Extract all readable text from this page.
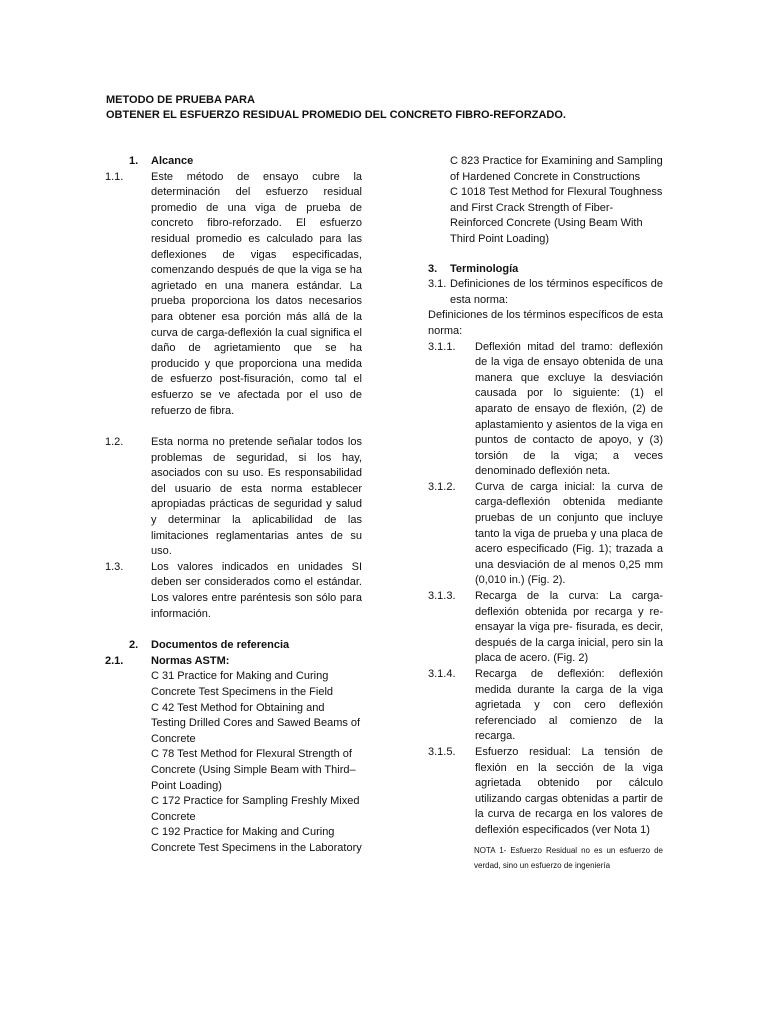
METODO DE PRUEBA PARA
OBTENER EL ESFUERZO RESIDUAL PROMEDIO DEL CONCRETO FIBRO-REFORZADO.
1. Alcance
1.1.	Este método de ensayo cubre la determinación del esfuerzo residual promedio de una viga de prueba de concreto fibro-reforzado. El esfuerzo residual promedio es calculado para las deflexiones de vigas especificadas, comenzando después de que la viga se ha agrietado en una manera estándar. La prueba proporciona los datos necesarios para obtener esa porción más allá de la curva de carga-deflexión la cual significa el daño de agrietamiento que se ha producido y que proporciona una medida de esfuerzo post-fisuración, como tal el esfuerzo se ve afectada por el uso de refuerzo de fibra.
1.2.	Esta norma no pretende señalar todos los problemas de seguridad, si los hay, asociados con su uso. Es responsabilidad del usuario de esta norma establecer apropiadas prácticas de seguridad y salud y determinar la aplicabilidad de las limitaciones reglamentarias antes de su uso.
1.3.	Los valores indicados en unidades SI deben ser considerados como el estándar. Los valores entre paréntesis son sólo para información.
2. Documentos de referencia
2.1.	Normas ASTM:
C 31 Practice for Making and Curing Concrete Test Specimens in the Field
C 42 Test Method for Obtaining and Testing Drilled Cores and Sawed Beams of Concrete
C 78 Test Method for Flexural Strength of Concrete (Using Simple Beam with Third–Point Loading)
C 172 Practice for Sampling Freshly Mixed Concrete
C 192 Practice for Making and Curing Concrete Test Specimens in the Laboratory
C 823 Practice for Examining and Sampling of Hardened Concrete in Constructions
C 1018 Test Method for Flexural Toughness and First Crack Strength of Fiber-Reinforced Concrete (Using Beam With Third Point Loading)
3. Terminología
3.1. Definiciones de los términos específicos de esta norma:
Definiciones de los términos específicos de esta norma:
3.1.1. Deflexión mitad del tramo: deflexión de la viga de ensayo obtenida de una manera que excluye la desviación causada por lo siguiente: (1) el aparato de ensayo de flexión, (2) de aplastamiento y asientos de la viga en puntos de contacto de apoyo, y (3) torsión de la viga; a veces denominado deflexión neta.
3.1.2. Curva de carga inicial: la curva de carga-deflexión obtenida mediante pruebas de un conjunto que incluye tanto la viga de prueba y una placa de acero especificado (Fig. 1); trazada a una desviación de al menos 0,25 mm (0,010 in.) (Fig. 2).
3.1.3. Recarga de la curva: La carga-deflexión obtenida por recarga y re-ensayar la viga pre- fisurada, es decir, después de la carga inicial, pero sin la placa de acero. (Fig. 2)
3.1.4. Recarga de deflexión: deflexión medida durante la carga de la viga agrietada y con cero deflexión referenciado al comienzo de la recarga.
3.1.5. Esfuerzo residual: La tensión de flexión en la sección de la viga agrietada obtenido por cálculo utilizando cargas obtenidas a partir de la curva de recarga en los valores de deflexión especificados (ver Nota 1)
NOTA 1- Esfuerzo Residual no es un esfuerzo de verdad, sino un esfuerzo de ingeniería
